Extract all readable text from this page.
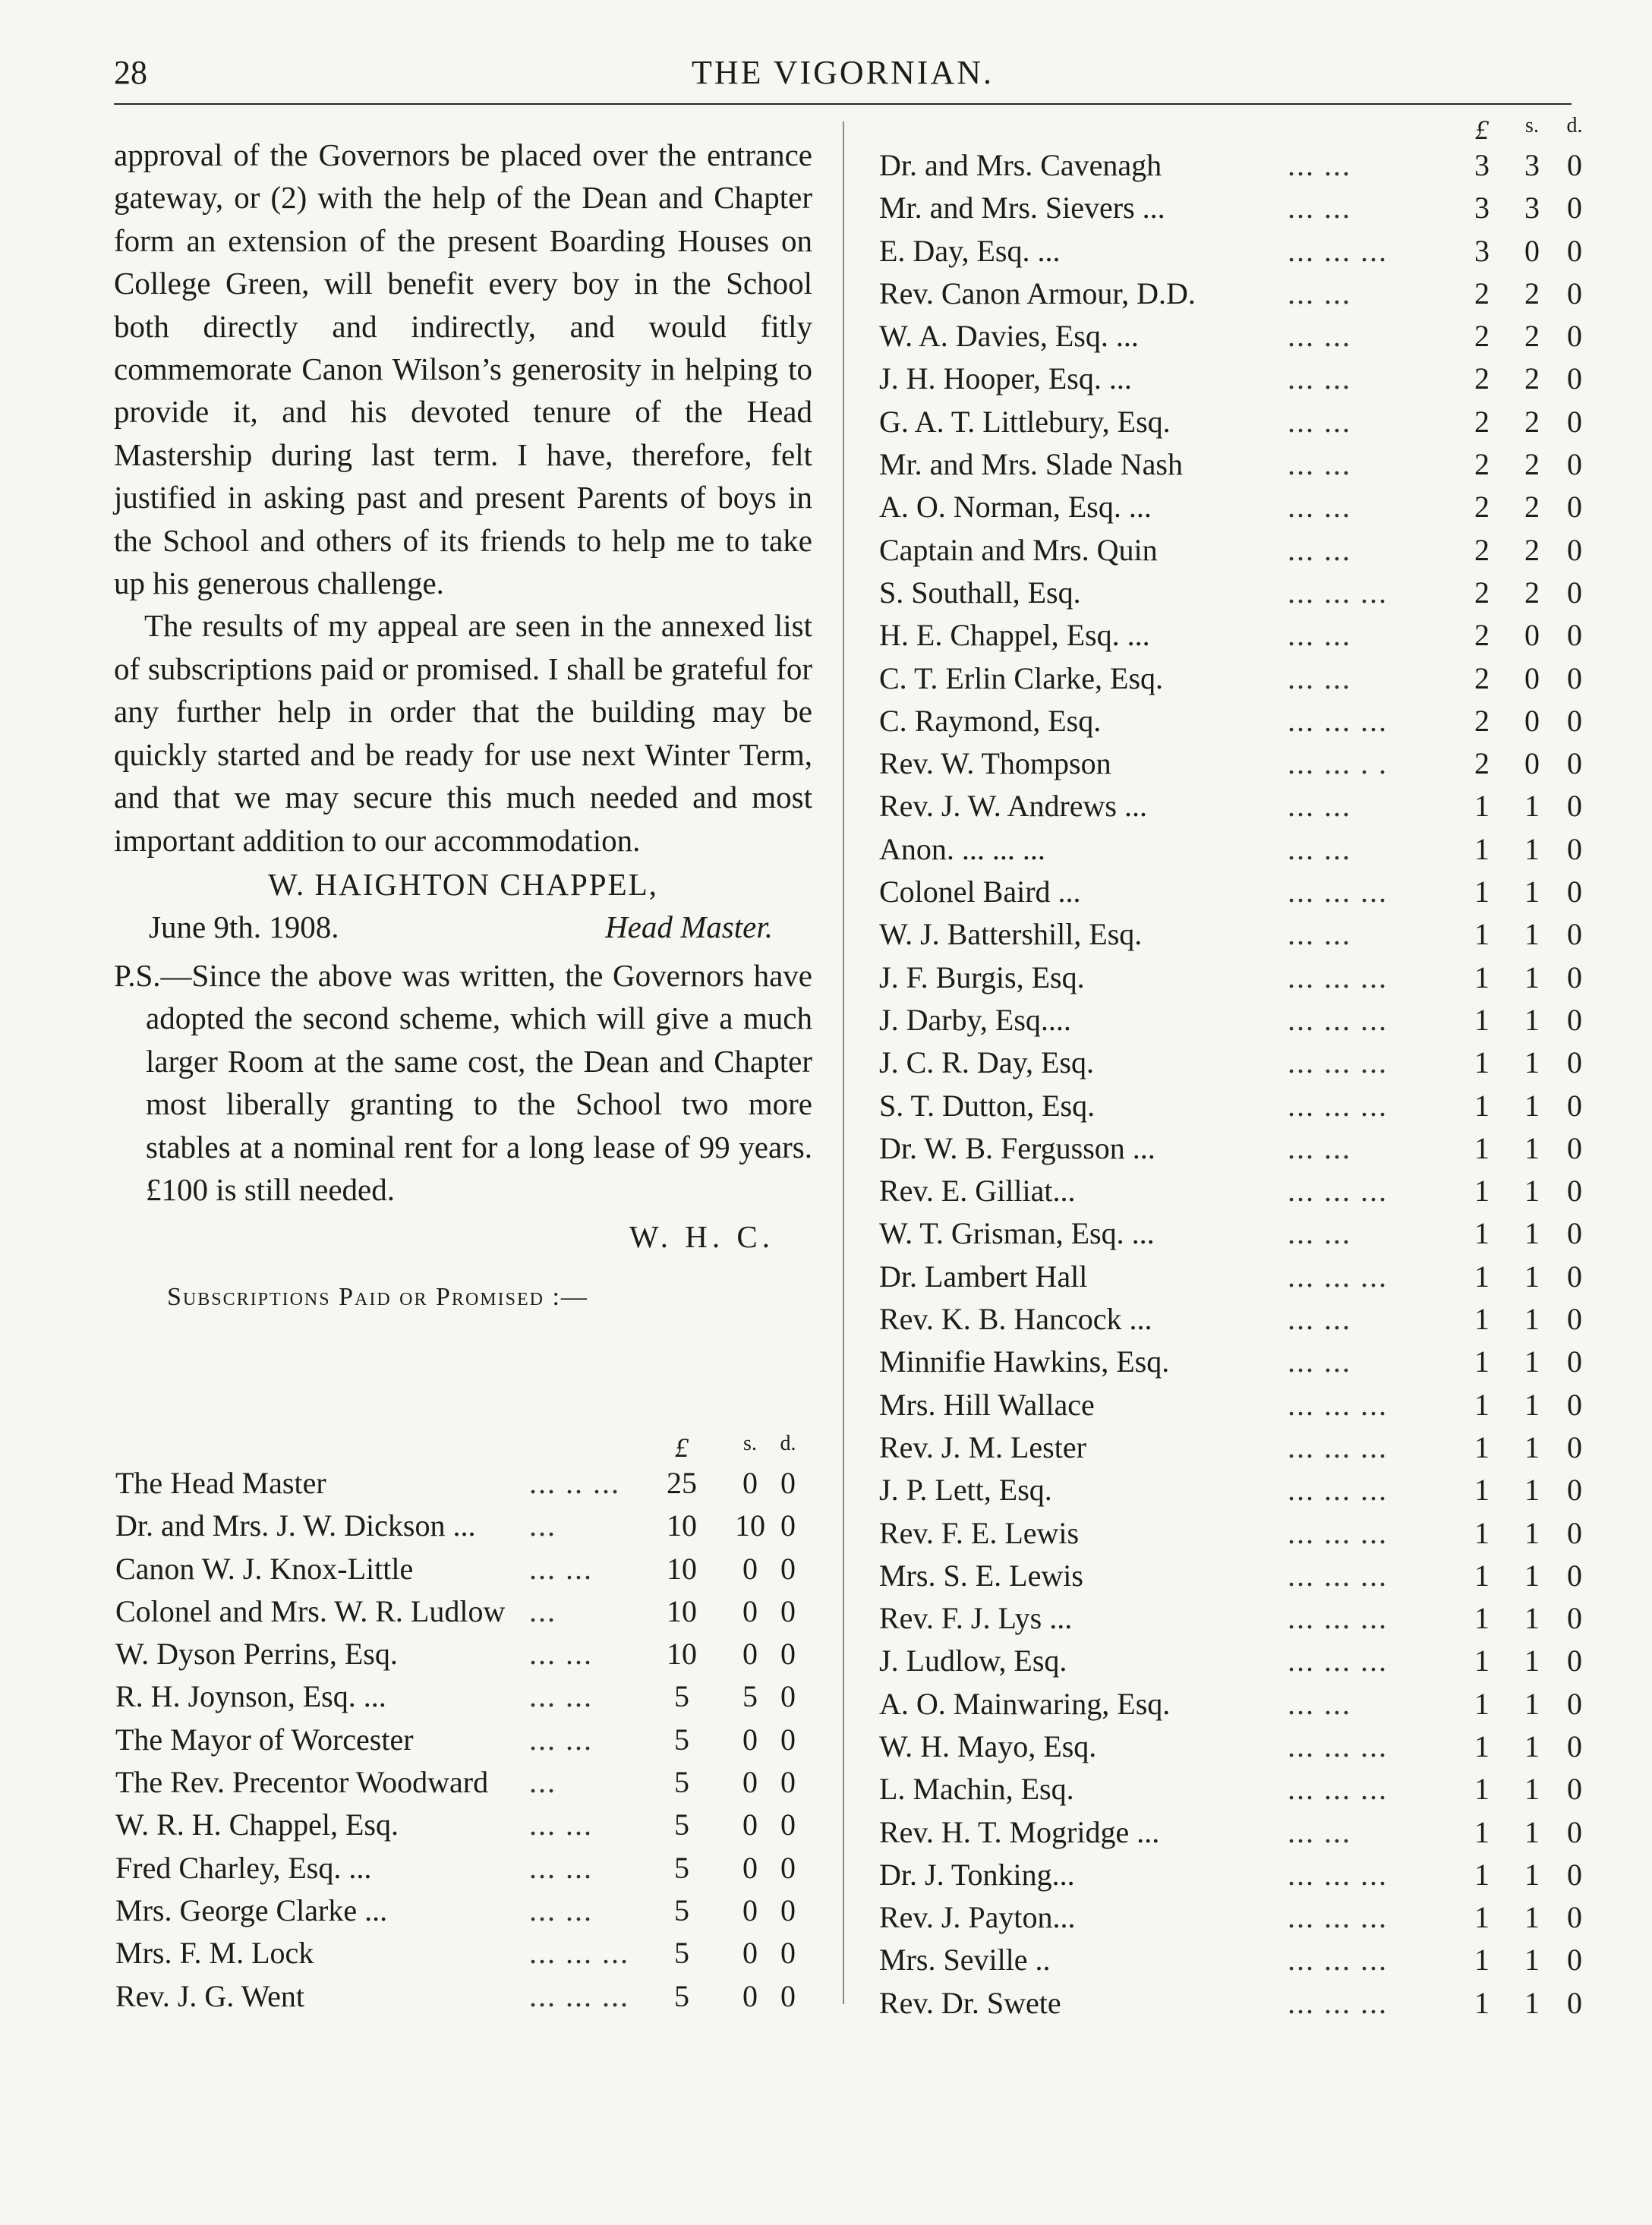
28	THE VIGORNIAN.

approval of the Governors be placed over the entrance gateway, or (2) with the help of the Dean and Chapter form an extension of the present Boarding Houses on College Green, will benefit every boy in the School both directly and indirectly, and would fitly commemorate Canon Wilson’s generosity in helping to provide it, and his devoted tenure of the Head Mastership during last term. I have, therefore, felt justified in asking past and present Parents of boys in the School and others of its friends to help me to take up his generous challenge.

The results of my appeal are seen in the annexed list of subscriptions paid or promised. I shall be grateful for any further help in order that the building may be quickly started and be ready for use next Winter Term, and that we may secure this much needed and most important addition to our accommodation.

W. HAIGHTON CHAPPEL,

June 9th. 1908.	Head Master.

P.S.—Since the above was written, the Governors have adopted the second scheme, which will give a much larger Room at the same cost, the Dean and Chapter most liberally granting to the School two more stables at a nominal rent for a long lease of 99 years. £100 is still needed.

W. H. C.

Subscriptions Paid or Promised :—

£	s.	d.
The Head Master	... .. ... 25	0 0
Dr. and Mrs. J. W. Dickson ... ...	10 10 0
Canon W. J. Knox-Little	... ... 10	0 0
Colonel and Mrs. W. R. Ludlow ...	10	0 0
W. Dyson Perrins, Esq.	... ... 10	0 0
R. H. Joynson, Esq. ...	... ...	5	5 0
The Mayor of Worcester	... ...	5	0 0
The Rev. Precentor Woodward ...	5	0 0
W. R. H. Chappel, Esq.	... ...	5	0 0
Fred Charley, Esq. ...	... ...	5	0 0
Mrs. George Clarke ...	... ...	5	0 0
Mrs. F. M. Lock	... ... ...	5	0 0
Rev. J. G. Went	... ... ...	5	0 0
£	s.	d.
Dr. and Mrs. Cavenagh	... ...	3	3 0
Mr. and Mrs. Sievers ...	... ...	3	3 0
E. Day, Esq. ...	... ... ...	3	0 0
Rev. Canon Armour, D.D.	... ...	2	2 0
W. A. Davies, Esq. ...	... ...	2	2 0
J. H. Hooper, Esq. ...	... ...	2	2 0
G. A. T. Littlebury, Esq.	... ...	2	2 0
Mr. and Mrs. Slade Nash	... ...	2	2 0
A. O. Norman, Esq. ...	... ...	2	2 0
Captain and Mrs. Quin	... ...	2	2 0
S. Southall, Esq.	... ... ...	2	2 0
H. E. Chappel, Esq. ...	... ...	2	0 0
C. T. Erlin Clarke, Esq.	... ...	2	0 0
C. Raymond, Esq.	... ... ...	2	0 0
Rev. W. Thompson	... ... . .	2	0 0
Rev. J. W. Andrews ...	... ...	1	1 0
Anon. ... ... ...	... ...	1	1 0
Colonel Baird ...	... ... ...	1	1 0
W. J. Battershill, Esq.	... ...	1	1 0
J. F. Burgis, Esq.	... ... ...	1	1 0
J. Darby, Esq....	... ... ...	1	1 0
J. C. R. Day, Esq.	... ... ...	1	1 0
S. T. Dutton, Esq.	... ... ...	1	1 0
Dr. W. B. Fergusson ...	... ...	1	1 0
Rev. E. Gilliat...	... ... ...	1	1 0
W. T. Grisman, Esq. ...	... ...	1	1 0
Dr. Lambert Hall	... ... ...	1	1 0
Rev. K. B. Hancock ...	... ...	1	1 0
Minnifie Hawkins, Esq.	... ...	1	1 0
Mrs. Hill Wallace	... ... ...	1	1 0
Rev. J. M. Lester	... ... ...	1	1 0
J. P. Lett, Esq.	... ... ...	1	1 0
Rev. F. E. Lewis	... ... ...	1	1 0
Mrs. S. E. Lewis	... ... ...	1	1 0
Rev. F. J. Lys ...	... ... ...	1	1 0
J. Ludlow, Esq.	... ... ...	1	1 0
A. O. Mainwaring, Esq.	... ...	1	1 0
W. H. Mayo, Esq.	... ... ...	1	1 0
L. Machin, Esq.	... ... ...	1	1 0
Rev. H. T. Mogridge ...	... ...	1	1 0
Dr. J. Tonking...	... ... ...	1	1 0
Rev. J. Payton...	... ... ...	1	1 0
Mrs. Seville ..	... ... ...	1	1 0
Rev. Dr. Swete	... ... ...	1	1 0
